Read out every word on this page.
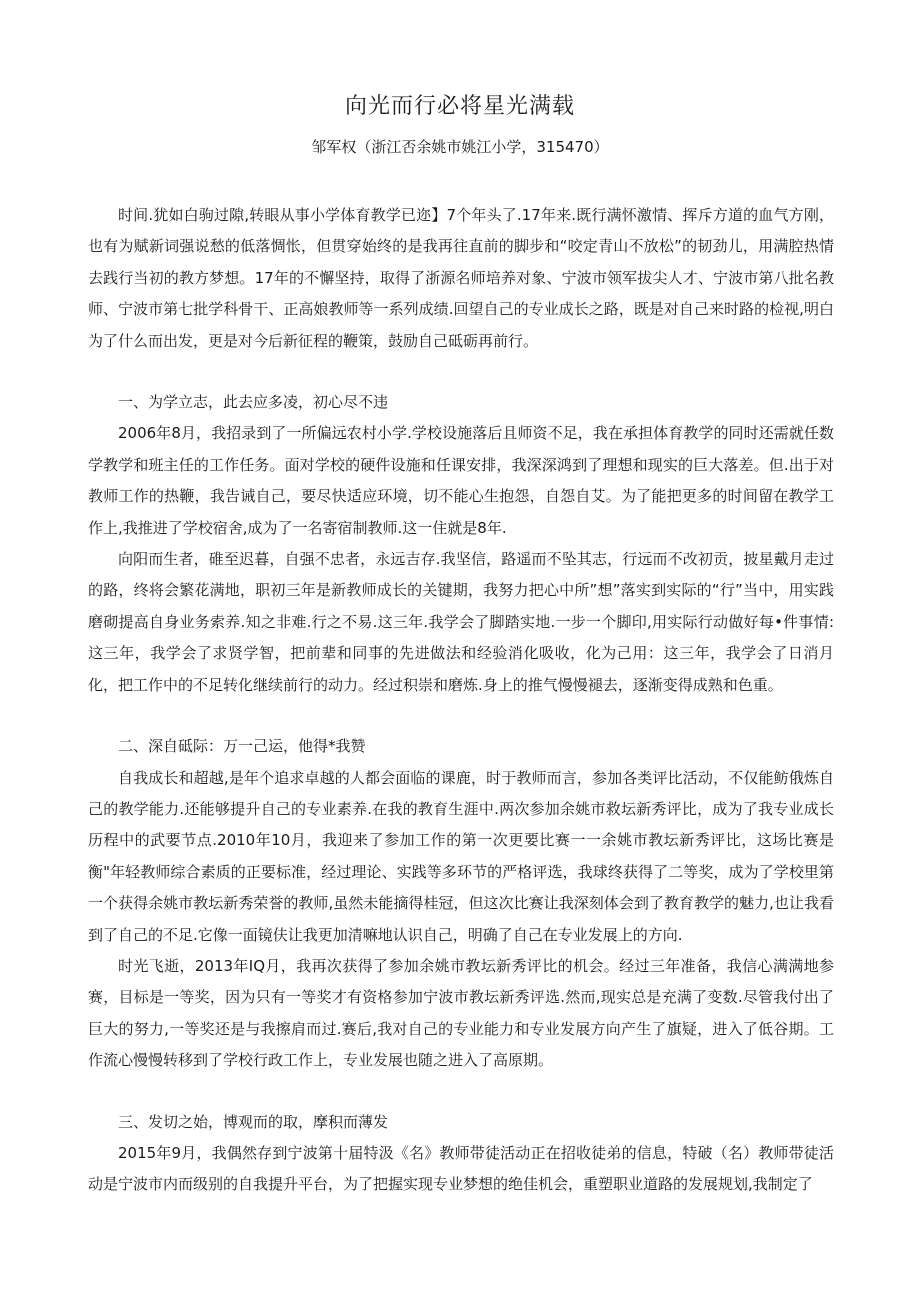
向光而行必将星光满载

邹军权（浙江否余姚市姚江小学，315470）

时间.犹如白驹过隙,转眼从事小学体育教学已迩】7个年头了.17年来.既行满怀激情、挥斥方道的血气方刚，也有为赋新词强说愁的低落惆怅，但贯穿始终的是我再往直前的脚步和“咬定青山不放松”的韧劲儿，用满腔热情去践行当初的教方梦想。17年的不懈坚持，取得了浙源名师培养对象、宁波市领军拔尖人才、宁波市第八批名教师、宁波市第七批学科骨干、正高娘教师等一系列成绩.回望自己的专业成长之路，既是对自己来时路的检视,明白为了什么而出发，更是对今后新征程的鞭策，鼓励自己砥砺再前行。

一、为学立志，此去应多凌，初心尽不违

2006年8月，我招录到了一所偏远农村小学.学校设施落后且师资不足，我在承担体育教学的同时还需就任数学教学和班主任的工作任务。面对学校的硬件设施和任课安排，我深深鸿到了理想和现实的巨大落差。但.出于对教师工作的热鞭，我告诫自己，要尽快适应环境，切不能心生抱怨，自怨自艾。为了能把更多的时间留在教学工作上,我推进了学校宿舍,成为了一名寄宿制教师.这一住就是8年.

向阳而生者，碓至迟暮，自强不忠者，永远吉存.我坚信，路遥而不坠其志，行远而不改初贡，披星戴月走过的路，终将会繁花满地，职初三年是新教师成长的关键期，我努力把心中所”想”落实到实际的“行”当中，用实践磨砌提高自身业务索养.知之非难.行之不易.这三年.我学会了脚踏实地.一步一个脚印,用实际行动做好每•件事情:这三年，我学会了求贤学智，把前辈和同事的先进做法和经验消化吸收，化为己用：这三年，我学会了日消月化，把工作中的不足转化继续前行的动力。经过积崇和磨炼.身上的推气慢慢褪去，逐渐变得成熟和色重。

二、深自砥际：万一己运，他得*我赞

自我成长和超越,是年个追求卓越的人都会面临的课鹿，时于教师而言，参加各类评比活动，不仅能鲂俄炼自己的教学能力.还能够提升自己的专业素养.在我的教育生涯中.两次参加余姚市救坛新秀评比，成为了我专业成长历程中的武要节点.2010年10月，我迎来了参加工作的第一次更要比赛一一余姚市教坛新秀评比，这场比赛是衡"年轻教师综合素质的正要标准，经过理论、实践等多环节的严格评选，我球终获得了二等奖，成为了学校里第一个获得余姚市教坛新秀荣誉的教师,虽然未能摘得桂冠，但这次比赛让我深刻体会到了教育教学的魅力,也让我看到了自己的不足.它像一面镜伕让我更加清嘛地认识自己，明确了自己在专业发展上的方向.

时光飞逝，2013年IQ月，我再次获得了参加余姚市教坛新秀评比的机会。经过三年准备，我信心满满地参赛，目标是一等奖，因为只有一等奖才有资格参加宁波市教坛新秀评选.然而,现实总是充满了变数.尽管我付出了巨大的努力,一等奖还是与我擦肩而过.赛后,我对自己的专业能力和专业发展方向产生了旗疑，进入了低谷期。工作流心慢慢转移到了学校行政工作上，专业发展也随之进入了高原期。

三、发切之始，博观而的取，摩积而薄发

2015年9月，我偶然存到宁波第十届特汲《名》教师带徒活动正在招收徒弟的信息，特破（名）教师带徒活动是宁波市内而级别的自我提升平台，为了把握实现专业梦想的绝佳机会，重塑职业道路的发展规划,我制定了
